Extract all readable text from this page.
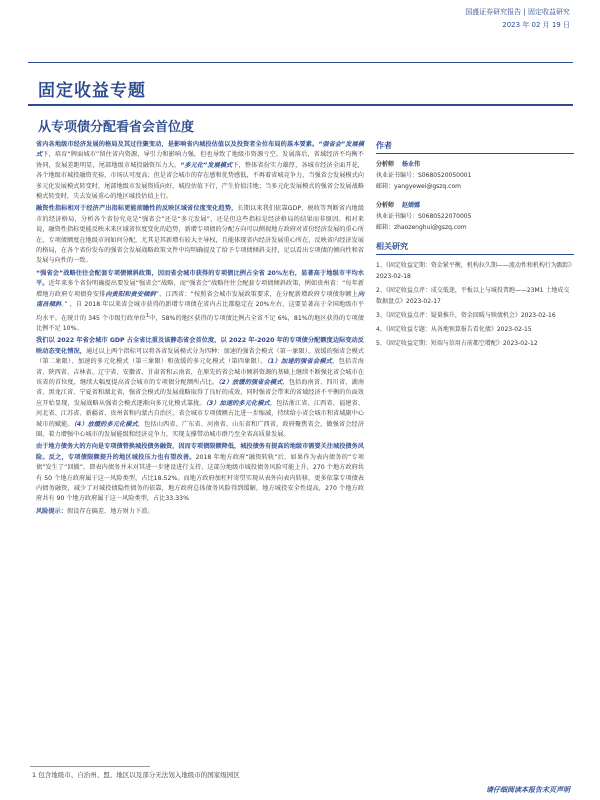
国盛证券研究报告 | 固定收益研究
2023 年 02 月 19 日
固定收益专题
从专项债分配看省会首位度

省内各地级市经济发展的格局及其过往聚变动，是影响省内城投估值以及投资者全位布局的基本要素。“强省会”发展模式下，培育“牌面城市”留住省内资源，导引力和影响力强，但也导致了地级市资源亏空、发展落后，省域经济不均衡不协同，发展差距明显，尾部地级市城投融资压力大。“多元化”发展模式下，整体省份实力雄厚，各城市经济全面开花，各个地级市城投融资充裕，市场认可度高；但是省会城市的存在感和优势感低，不再着省城竞争力，当强省会发展模式向多元化发展模式转变时，尾部地级市发展资质向好，城投估值下行，产生价值洼地；当多元化发展模式的强省会发展战略模式转变时，失去发展重心的地区城投估值上行。

融资性指标相对于经济产出指标更能前瞻性的反映区域省位度变化趋势，长期以来我们依靠GDP、税收等判断省内地级市的经济格局，分析各个省份究竟是“强省会”还是“多元发展”，还是但这些指标是经济格局的结果而非原因。相对来说，融资性指标更能反映未来区域省位度变化的趋势，新增专项债的分配方向可以侧视地方政府对省份经济发展的重心所在，专项债额度在地级市间如何分配，尤其是其新增有较大主导权，且能体现省内经济发展重心所在，反映省内经济发展的格局，在各个省份发布的强省会发展战略政策文件中均明确提及了给予专项债倾斜支持，足以看出专项债的倾向性和省发展与向性的一致。

“强省会”战略往往会配套专项债倾斜政策，因而省会城市获得的专项债比例占全省 20%左右，显著高于地级市平均水平。近年来多个省份明确提出要发展“强省会”战略，而“强省会”战略往往会配套专项债倾斜政策，例如贵州省：“每年新增地方政府专项债券安排向贵阳和贵安倾斜”，江西省：“按照省会城市发展政策要求，在分配新增政府专项债券额上向南昌倾斜。” ，自 2018 年以来省会城市获得的新增专项债在省内占比都稳定在 20%左右，这要显著高于全国地级市平均水平。在统计的 345 个市级行政单位$^1$中，58%的地区获得的专项债比例占全省不足 6%，81%的地区获得的专项债比例不足 10%。

我们以 2022 年省会城市 GDP 占全省比重及该静态省会首位度，以 2022 年-2020 年的专项债分配额度边际变动反映动态变化情况，通过以上两个指标可以将各省发展模式分为四种：加速的强省会模式（第一象限）、放缓的强省会模式（第二象限）、加速的多元化模式（第三象限）和放缓的多元化模式（第四象限）。（1）加速的强省会模式，包括青海省、陕西省、吉林省、辽宁省、安徽省、甘肃省和云南省，在原先的省会城市倾斜资源的基础上继续不断强化省会城市在该省的首位度，继续大幅度提高省会城市的专项债分配额所占比。（2）放缓的强省会模式，包括海南省、四川省、湖南省、黑龙江省、宁夏省和湖北省，强省会模式的发展战略取得了良好的成效，同时强省会带来的省域经济不平衡的负面效应开始显现，发展战略从强省会模式逐渐向多元化模式靠拢。（3）加速的多元化模式，包括浙江省、江西省、福建省、河北省、江苏省、新疆省、贵州省和内蒙古自治区，省会城市专项债额占比进一步缩减，持续给小省会城市和省域副中心城市的赋能。（4）放缓的多元化模式，包括山西省、广东省、河南省、山东省和广西省，政府聚焦省会，做强省会经济圈，着力增强中心城市的发展能级和经济竞争力，实现支撑带动城市群乃至全省高质量发展。

由于地方债务大的方向是专项债替换城投债务融资，因而专项债限额降低，城投债务有提高的地级市需要关注城投债务风险。反之，专项债限额提升的地区城投压力也有望改善。2018 年地方政府“融资转轨”后，如果作为表内债务的“专项债”发生了“回撤”，即表内债务并未对其进一步建设进行支持，这部分地级市城投债务风险可能上升，270 个地方政府共有 50 个地方政府属于这一风险类型，占比18.52%。而地方政府加杠杆寄望实现从表外向表内转移，更多依靠专项债表内债务融资，减少了对城投债隐性债务的依靠，地方政府总体债务风险得到缓解，地方城投安全性提高，270 个地方政府共有 90 个地方政府属于这一风险类型，占比33.33%

风险提示：假设存在偏差、地方财力下滑。

作者
分析师 杨业伟
执业证书编号：S0680520050001
邮箱：yangyewei@gszq.com
分析师 赵婧娜
执业证书编号：S0680522070005
邮箱：zhaozenghui@gszq.com
相关研究
1、《固定收益定期：资金紧平衡，机构拉久期——流动性和机构行为跟踪》2023-02-18
2、《固定收益点评：成交低迷，平板以上与城投普跑——23M1 土地成交数据盘点》2023-02-17
3、《固定收益点评：疑量推升，资金回暖与赎债机会》2023-02-16
4、《固定收益专题：从各地预算报告看化债》2023-02-15
5、《固定收益定期：短端与信用占前都空增配》2023-02-12
1 包含地级市、自治州、盟、地区以及部分无法划入地级市的国家级园区
请仔细阅读本报告末页声明
